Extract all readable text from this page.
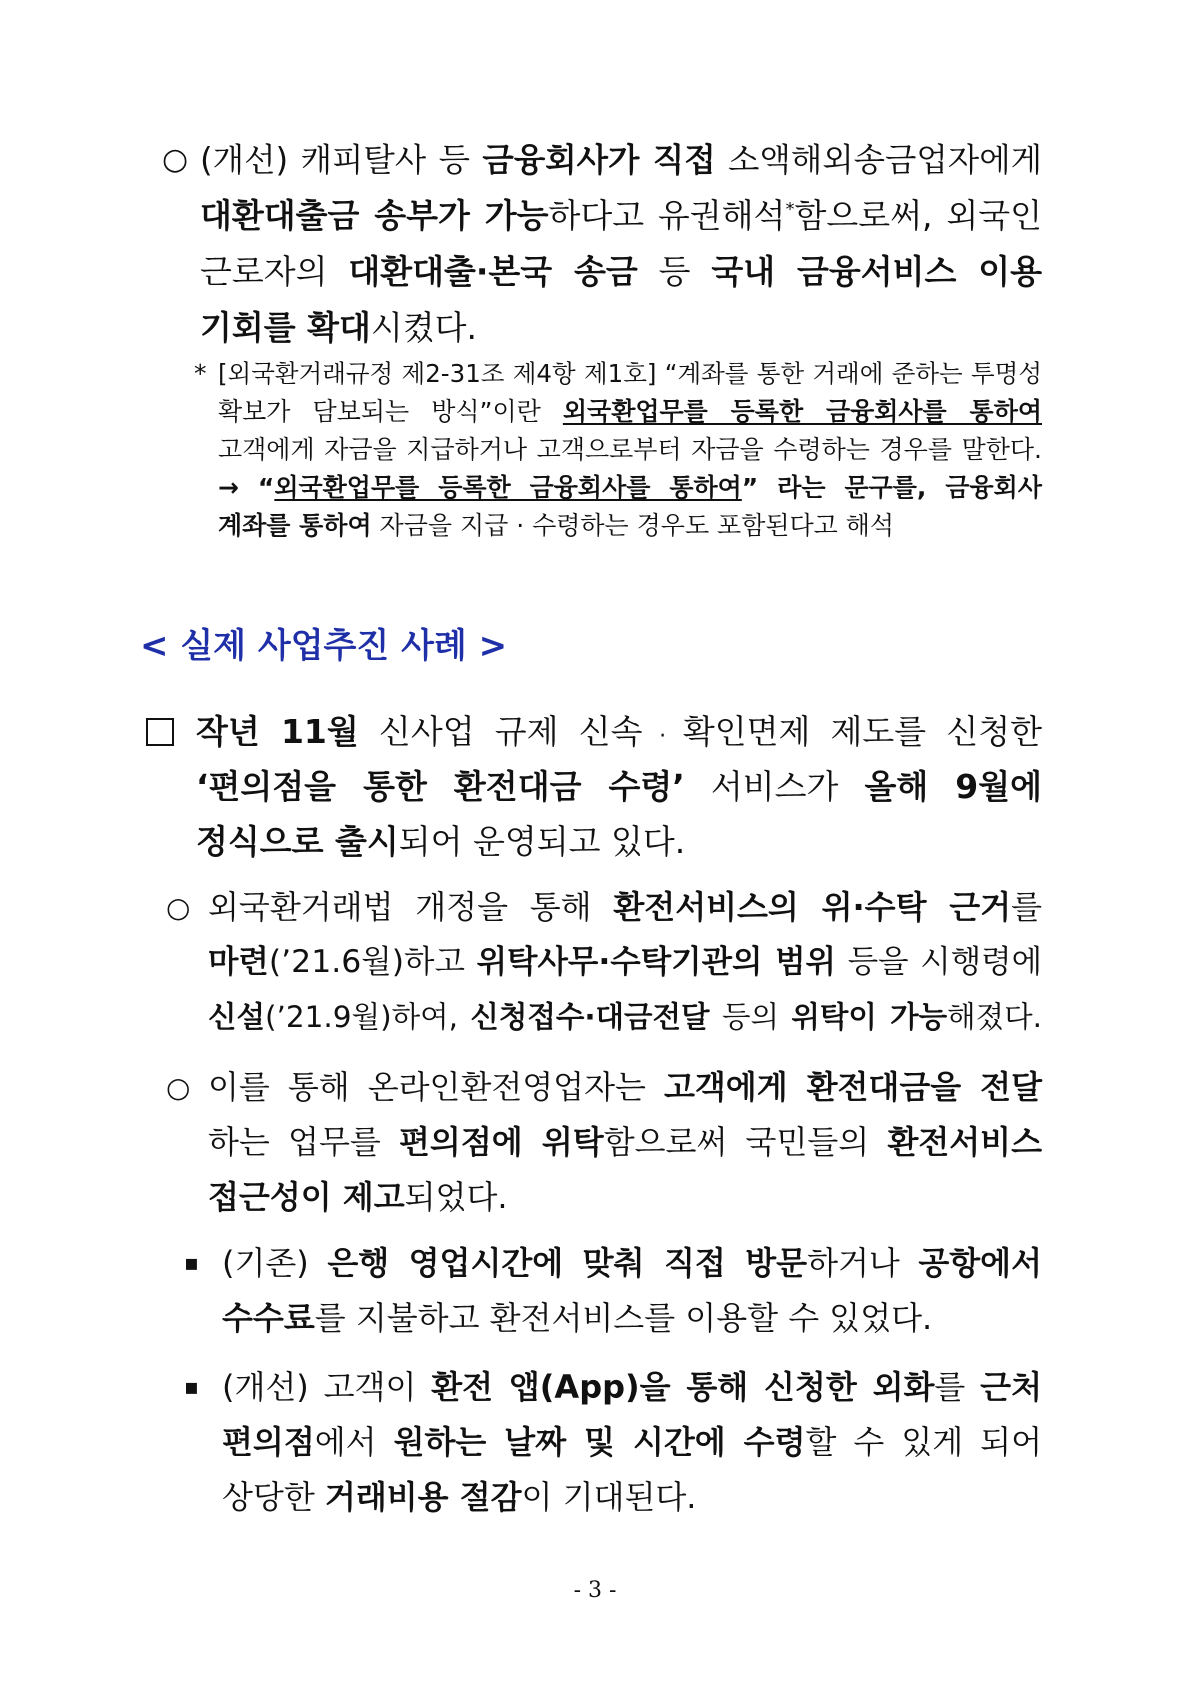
○ (개선) 캐피탈사 등 금융회사가 직접 소액해외송금업자에게
대환대출금 송부가 가능하다고 유권해석*함으로써, 외국인
근로자의 대환대출·본국 송금 등 국내 금융서비스 이용
기회를 확대시켰다.
* [외국환거래규정 제2-31조 제4항 제1호] “계좌를 통한 거래에 준하는 투명성
확보가 담보되는 방식”이란 외국환업무를 등록한 금융회사를 통하여
고객에게 자금을 지급하거나 고객으로부터 자금을 수령하는 경우를 말한다.
→ “외국환업무를 등록한 금융회사를 통하여” 라는 문구를, 금융회사
계좌를 통하여 자금을 지급 · 수령하는 경우도 포함된다고 해석
< 실제 사업추진 사례 >
작년 11월 신사업 규제 신속 · 확인면제 제도를 신청한
‘편의점을 통한 환전대금 수령’ 서비스가 올해 9월에
정식으로 출시되어 운영되고 있다.
○ 외국환거래법 개정을 통해 환전서비스의 위·수탁 근거를
마련(’21.6월)하고 위탁사무·수탁기관의 범위 등을 시행령에
신설(’21.9월)하여, 신청접수·대금전달 등의 위탁이 가능해졌다.
○ 이를 통해 온라인환전영업자는 고객에게 환전대금을 전달
하는 업무를 편의점에 위탁함으로써 국민들의 환전서비스
접근성이 제고되었다.
▪ (기존) 은행 영업시간에 맞춰 직접 방문하거나 공항에서
수수료를 지불하고 환전서비스를 이용할 수 있었다.
▪ (개선) 고객이 환전 앱(App)을 통해 신청한 외화를 근처
편의점에서 원하는 날짜 및 시간에 수령할 수 있게 되어
상당한 거래비용 절감이 기대된다.
- 3 -
